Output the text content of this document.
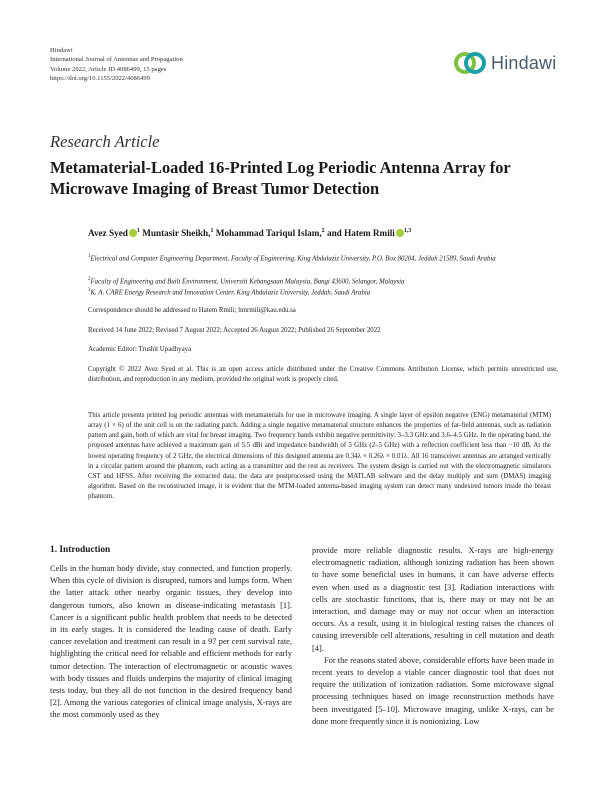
Hindawi
International Journal of Antennas and Propagation
Volume 2022, Article ID 4086499, 15 pages
https://doi.org/10.1155/2022/4086499
Hindawi
Research Article
Metamaterial-Loaded 16-Printed Log Periodic Antenna Array for Microwave Imaging of Breast Tumor Detection
Avez Syed $^1$ Muntasir Sheikh,$^1$ Mohammad Tariqul Islam,$^2$ and Hatem Rmili $^{1,3}$
$^1$Electrical and Computer Engineering Department, Faculty of Engineering, King Abdulaziz University, P.O. Box 80204, Jeddah 21589, Saudi Arabia
$^2$Faculty of Engineering and Built Environment, Universiti Kebangsaan Malaysia, Bangi 43600, Selangor, Malaysia
$^3$K. A. CARE Energy Research and Innovation Center, King Abdulaziz University, Jeddah, Saudi Arabia
Correspondence should be addressed to Hatem Rmili; hmrmili@kau.edu.sa
Received 14 June 2022; Revised 7 August 2022; Accepted 26 August 2022; Published 26 September 2022
Academic Editor: Trushit Upadhyaya
Copyright © 2022 Avez Syed et al. This is an open access article distributed under the Creative Commons Attribution License, which permits unrestricted use, distribution, and reproduction in any medium, provided the original work is properly cited.
This article presents printed log periodic antennas with metamaterials for use in microwave imaging. A single layer of epsilon negative (ENG) metamaterial (MTM) array (1 × 6) of the unit cell is on the radiating patch. Adding a single negative metamaterial structure enhances the properties of far-field antennas, such as radiation pattern and gain, both of which are vital for breast imaging. Two frequency bands exhibit negative permittivity: 3–3.3 GHz and 3.6–4.5 GHz. In the operating band, the proposed antennas have achieved a maximum gain of 5.5 dBi and impedance bandwidth of 3 GHz (2–5 GHz) with a reflection coefficient less than −10 dB. At the lowest operating frequency of 2 GHz, the electrical dimensions of this designed antenna are 0.34λ × 0.26λ × 0.01λ. All 16 transceiver antennas are arranged vertically in a circular pattern around the phantom, each acting as a transmitter and the rest as receivers. The system design is carried out with the electromagnetic simulators CST and HFSS. After receiving the extracted data, the data are postprocessed using the MATLAB software and the delay multiply and sum (DMAS) imaging algorithm. Based on the reconstructed image, it is evident that the MTM-loaded antenna-based imaging system can detect many undesired tumors inside the breast phantom.
1. Introduction

Cells in the human body divide, stay connected, and function properly. When this cycle of division is disrupted, tumors and lumps form. When the latter attack other nearby organic tissues, they develop into dangerous tumors, also known as disease-indicating metastasis [1]. Cancer is a significant public health problem that needs to be detected in its early stages. It is considered the leading cause of death. Early cancer revelation and treatment can result in a 97 per cent survival rate, highlighting the critical need for reliable and efficient methods for early tumor detection. The interaction of electromagnetic or acoustic waves with body tissues and fluids underpins the majority of clinical imaging tests today, but they all do not function in the desired frequency band [2]. Among the various categories of clinical image analysis, X-rays are the most commonly used as they

provide more reliable diagnostic results. X-rays are high-energy electromagnetic radiation, although ionizing radiation has been shown to have some beneficial uses in humans, it can have adverse effects even when used as a diagnostic test [3]. Radiation interactions with cells are stochastic functions, that is, there may or may not be an interaction, and damage may or may not occur when an interaction occurs. As a result, using it in biological testing raises the chances of causing irreversible cell alterations, resulting in cell mutation and death [4].

For the reasons stated above, considerable efforts have been made in recent years to develop a viable cancer diagnostic tool that does not require the utilization of ionization radiation. Some microwave signal processing techniques based on image reconstruction methods have been investigated [5–10]. Microwave imaging, unlike X-rays, can be done more frequently since it is nonionizing. Low
